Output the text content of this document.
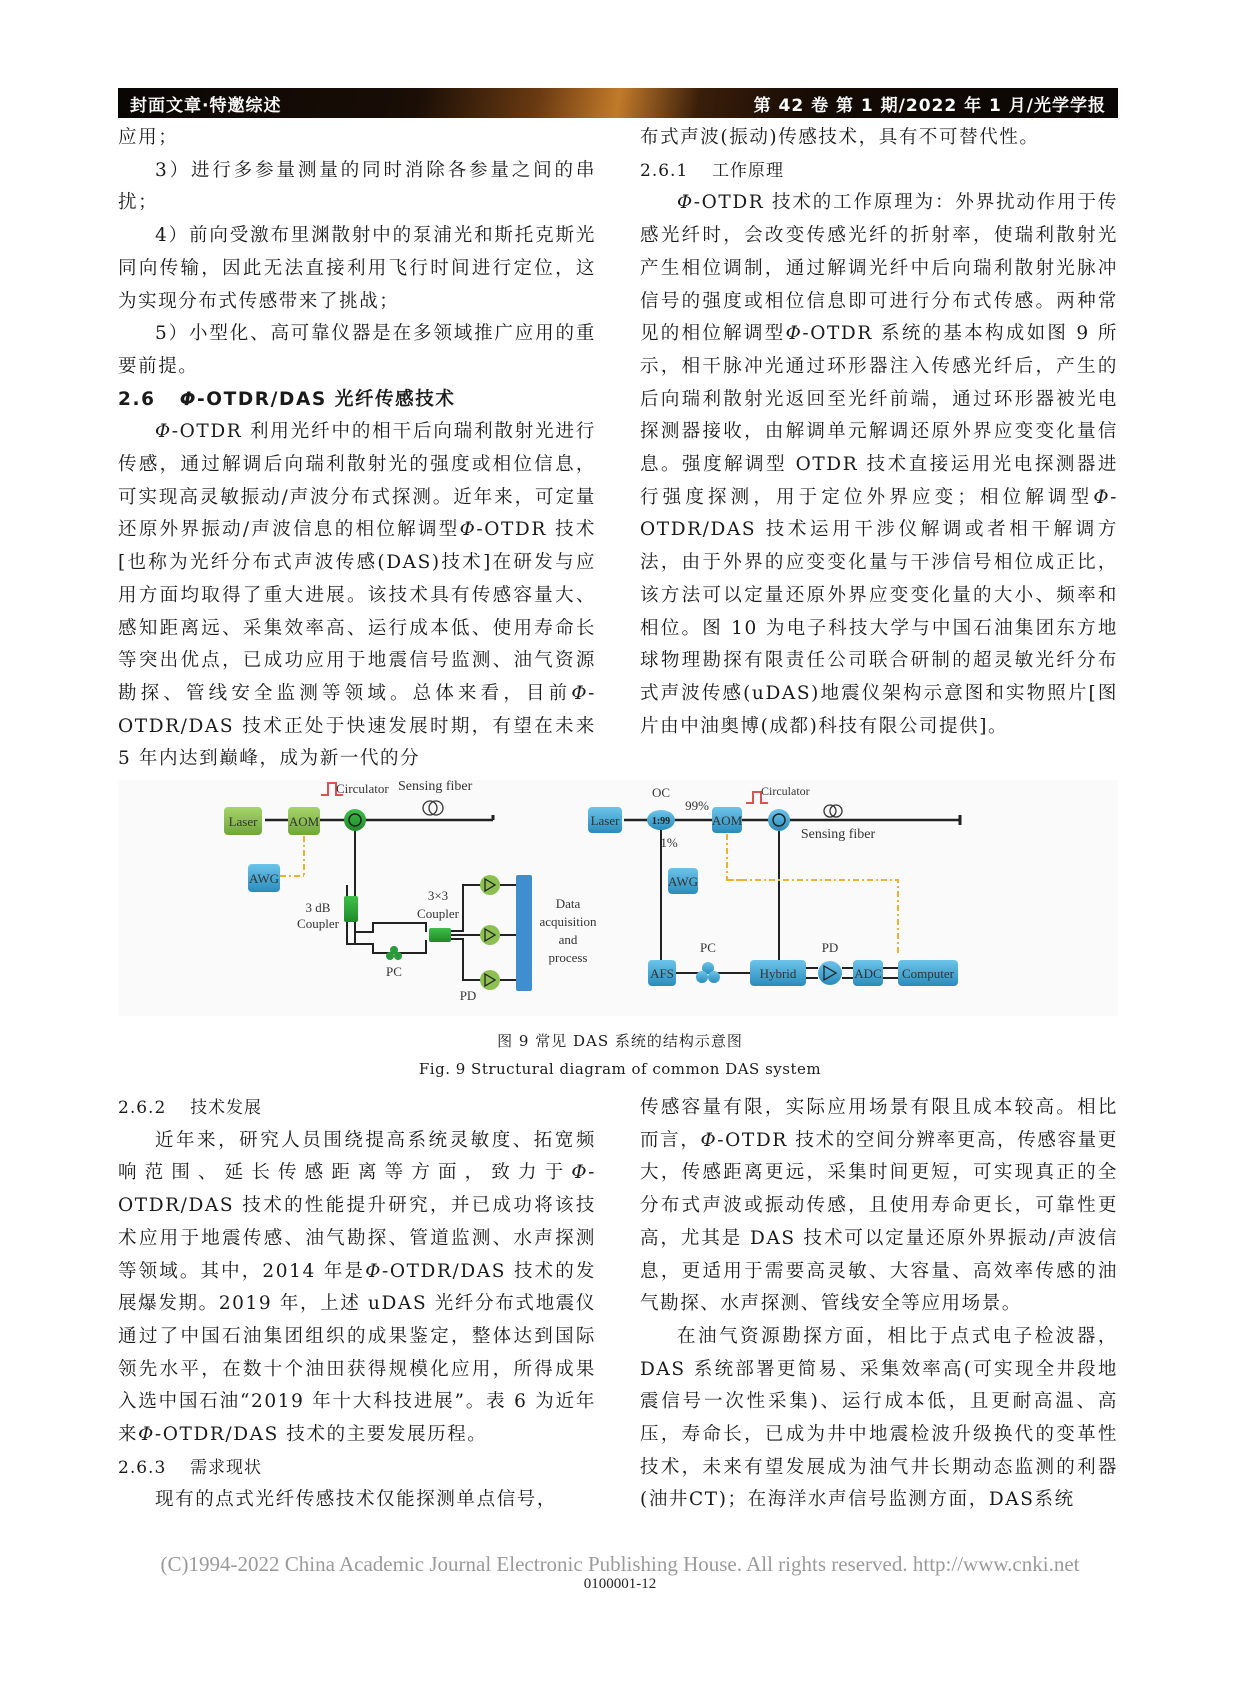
封面文章·特邀综述	第 42 卷 第 1 期/2022 年 1 月/光学学报

应用；

3）进行多参量测量的同时消除各参量之间的串扰；

4）前向受激布里渊散射中的泵浦光和斯托克斯光同向传输，因此无法直接利用飞行时间进行定位，这为实现分布式传感带来了挑战；

5）小型化、高可靠仪器是在多领域推广应用的重要前提。

2.6 Φ-OTDR/DAS 光纤传感技术

Φ-OTDR 利用光纤中的相干后向瑞利散射光进行传感，通过解调后向瑞利散射光的强度或相位信息，可实现高灵敏振动/声波分布式探测。近年来，可定量还原外界振动/声波信息的相位解调型Φ-OTDR 技术[也称为光纤分布式声波传感(DAS)技术]在研发与应用方面均取得了重大进展。该技术具有传感容量大、感知距离远、采集效率高、运行成本低、使用寿命长等突出优点，已成功应用于地震信号监测、油气资源勘探、管线安全监测等领域。总体来看，目前Φ-OTDR/DAS 技术正处于快速发展时期，有望在未来 5 年内达到巅峰，成为新一代的分

布式声波(振动)传感技术，具有不可替代性。

2.6.1 工作原理

Φ-OTDR 技术的工作原理为：外界扰动作用于传感光纤时，会改变传感光纤的折射率，使瑞利散射光产生相位调制，通过解调光纤中后向瑞利散射光脉冲信号的强度或相位信息即可进行分布式传感。两种常见的相位解调型Φ-OTDR 系统的基本构成如图 9 所示，相干脉冲光通过环形器注入传感光纤后，产生的后向瑞利散射光返回至光纤前端，通过环形器被光电探测器接收，由解调单元解调还原外界应变变化量信息。强度解调型 OTDR 技术直接运用光电探测器进行强度探测，用于定位外界应变；相位解调型Φ-OTDR/DAS 技术运用干涉仪解调或者相干解调方法，由于外界的应变变化量与干涉信号相位成正比，该方法可以定量还原外界应变变化量的大小、频率和相位。图 10 为电子科技大学与中国石油集团东方地球物理勘探有限责任公司联合研制的超灵敏光纤分布式声波传感(uDAS)地震仪架构示意图和实物照片[图片由中油奥博(成都)科技有限公司提供]。

Laser AOM
Circulator Sensing fiber
AWG
3 dB
Coupler
PC
3×3
Coupler
PD
Data
acquisition
and
process
Laser
OC
1:99
99%
1%
AOM
Circulator
Sensing fiber
AWG
AFS
PC
Hybrid
PD
ADC Computer
图 9 常见 DAS 系统的结构示意图
Fig. 9 Structural diagram of common DAS system

2.6.2 技术发展

近年来，研究人员围绕提高系统灵敏度、拓宽频响范围、延长传感距离等方面，致力于Φ-OTDR/DAS 技术的性能提升研究，并已成功将该技术应用于地震传感、油气勘探、管道监测、水声探测等领域。其中，2014 年是Φ-OTDR/DAS 技术的发展爆发期。2019 年，上述 uDAS 光纤分布式地震仪通过了中国石油集团组织的成果鉴定，整体达到国际领先水平，在数十个油田获得规模化应用，所得成果入选中国石油“2019 年十大科技进展”。表 6 为近年来Φ-OTDR/DAS 技术的主要发展历程。

2.6.3 需求现状

现有的点式光纤传感技术仅能探测单点信号，

传感容量有限，实际应用场景有限且成本较高。相比而言，Φ-OTDR 技术的空间分辨率更高，传感容量更大，传感距离更远，采集时间更短，可实现真正的全分布式声波或振动传感，且使用寿命更长，可靠性更高，尤其是 DAS 技术可以定量还原外界振动/声波信息，更适用于需要高灵敏、大容量、高效率传感的油气勘探、水声探测、管线安全等应用场景。

在油气资源勘探方面，相比于点式电子检波器，DAS 系统部署更简易、采集效率高(可实现全井段地震信号一次性采集)、运行成本低，且更耐高温、高压，寿命长，已成为井中地震检波升级换代的变革性技术，未来有望发展成为油气井长期动态监测的利器(油井CT)；在海洋水声信号监测方面，DAS系统

(C)1994-2022 China Academic Journal Electronic Publishing House. All rights reserved. http://www.cnki.net
0100001-12
